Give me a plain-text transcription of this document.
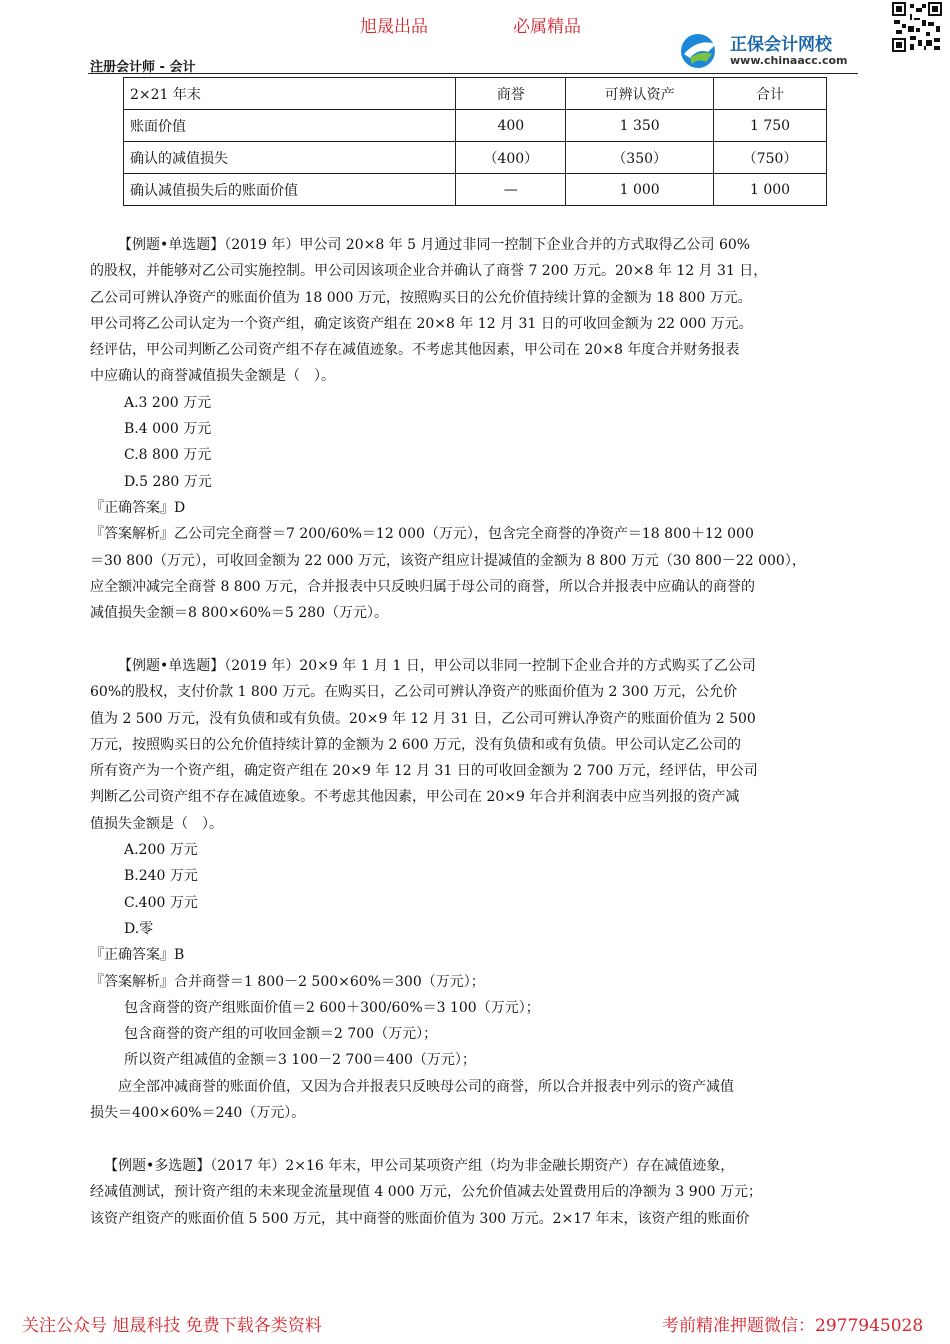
旭晟出品	必属精品
注册会计师 - 会计
正保会计网校
www.chinaacc.com
2×21 年末	商誉	可辨认资产	合计
账面价值	400	1 350	1 750
确认的减值损失	（400）	（350）	（750）
确认减值损失后的账面价值	—	1 000	1 000
【例题•单选题】（2019 年）甲公司 20×8 年 5 月通过非同一控制下企业合并的方式取得乙公司 60%
的股权，并能够对乙公司实施控制。甲公司因该项企业合并确认了商誉 7 200 万元。20×8 年 12 月 31 日，
乙公司可辨认净资产的账面价值为 18 000 万元，按照购买日的公允价值持续计算的金额为 18 800 万元。
甲公司将乙公司认定为一个资产组，确定该资产组在 20×8 年 12 月 31 日的可收回金额为 22 000 万元。
经评估，甲公司判断乙公司资产组不存在减值迹象。不考虑其他因素，甲公司在 20×8 年度合并财务报表
中应确认的商誉减值损失金额是（　）。
A.3 200 万元
B.4 000 万元
C.8 800 万元
D.5 280 万元
『正确答案』D
『答案解析』乙公司完全商誉＝7 200/60%＝12 000（万元），包含完全商誉的净资产＝18 800＋12 000
＝30 800（万元），可收回金额为 22 000 万元，该资产组应计提减值的金额为 8 800 万元（30 800－22 000），
应全额冲减完全商誉 8 800 万元，合并报表中只反映归属于母公司的商誉，所以合并报表中应确认的商誉的
减值损失金额＝8 800×60%＝5 280（万元）。
【例题•单选题】（2019 年）20×9 年 1 月 1 日，甲公司以非同一控制下企业合并的方式购买了乙公司
60%的股权，支付价款 1 800 万元。在购买日，乙公司可辨认净资产的账面价值为 2 300 万元，公允价
值为 2 500 万元，没有负债和或有负债。20×9 年 12 月 31 日，乙公司可辨认净资产的账面价值为 2 500
万元，按照购买日的公允价值持续计算的金额为 2 600 万元，没有负债和或有负债。甲公司认定乙公司的
所有资产为一个资产组，确定资产组在 20×9 年 12 月 31 日的可收回金额为 2 700 万元，经评估，甲公司
判断乙公司资产组不存在减值迹象。不考虑其他因素，甲公司在 20×9 年合并利润表中应当列报的资产减
值损失金额是（　）。
A.200 万元
B.240 万元
C.400 万元
D.零
『正确答案』B
『答案解析』合并商誉＝1 800－2 500×60%＝300（万元）；
包含商誉的资产组账面价值＝2 600＋300/60%＝3 100（万元）；
包含商誉的资产组的可收回金额＝2 700（万元）；
所以资产组减值的金额＝3 100－2 700＝400（万元）；
应全部冲减商誉的账面价值，又因为合并报表只反映母公司的商誉，所以合并报表中列示的资产减值
损失＝400×60%＝240（万元）。
【例题•多选题】（2017 年）2×16 年末，甲公司某项资产组（均为非金融长期资产）存在减值迹象，
经减值测试，预计资产组的未来现金流量现值 4 000 万元，公允价值减去处置费用后的净额为 3 900 万元；
该资产组资产的账面价值 5 500 万元，其中商誉的账面价值为 300 万元。2×17 年末，该资产组的账面价
关注公众号 旭晟科技 免费下载各类资料	考前精准押题微信：2977945028
